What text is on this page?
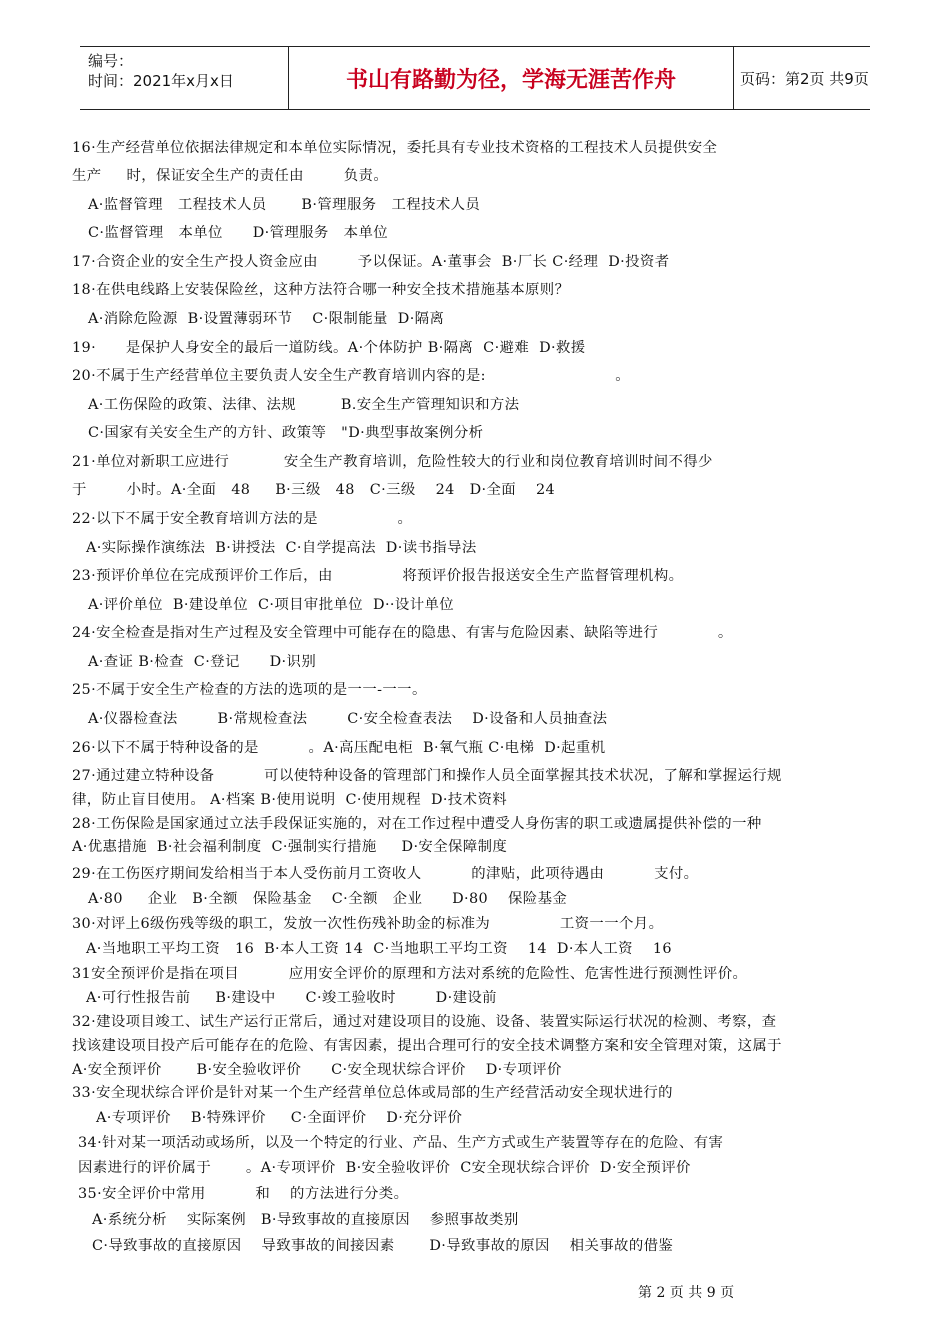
编号：
时间：2021年x月x日	书山有路勤为径，学海无涯苦作舟	页码：第2页 共9页
16·生产经营单位依据法律规定和本单位实际情况，委托具有专业技术资格的工程技术人员提供安全
生产     时，保证安全生产的责任由        负责。
A·监督管理   工程技术人员       B·管理服务   工程技术人员
C·监督管理   本单位      D·管理服务   本单位
17·合资企业的安全生产投人资金应由        予以保证。A·董事会  B·厂长 C·经理  D·投资者
18·在供电线路上安装保险丝，这种方法符合哪一种安全技术措施基本原则？
A·消除危险源  B·设置薄弱环节    C·限制能量  D·隔离
19·      是保护人身安全的最后一道防线。A·个体防护 B·隔离  C·避难  D·救援
20·不属于生产经营单位主要负责人安全生产教育培训内容的是:                          。
A·工伤保险的政策、法律、法规         B.安全生产管理知识和方法
C·国家有关安全生产的方针、政策等   "D·典型事故案例分析
21·单位对新职工应进行           安全生产教育培训，危险性较大的行业和岗位教育培训时间不得少
于        小时。A·全面   48     B·三级   48   C·三级    24   D·全面    24
22·以下不属于安全教育培训方法的是                。
A·实际操作演练法  B·讲授法  C·自学提高法  D·读书指导法
23·预评价单位在完成预评价工作后，由              将预评价报告报送安全生产监督管理机构。
A·评价单位  B·建设单位  C·项目审批单位  D··设计单位
24·安全检查是指对生产过程及安全管理中可能存在的隐患、有害与危险因素、缺陷等进行            。
A·查证 B·检查  C·登记      D·识别
25·不属于安全生产检查的方法的选项的是一一-一一。
A·仪器检查法        B·常规检查法        C·安全检查表法    D·设备和人员抽查法
26·以下不属于特种设备的是          。A·高压配电柜  B·氧气瓶 C·电梯  D·起重机
27·通过建立特种设备          可以使特种设备的管理部门和操作人员全面掌握其技术状况，了解和掌握运行规
律，防止盲目使用。 A·档案 B·使用说明  C·使用规程  D·技术资料
28·工伤保险是国家通过立法手段保证实施的，对在工作过程中遭受人身伤害的职工或遗属提供补偿的一种
A·优惠措施  B·社会福利制度  C·强制实行措施     D·安全保障制度
29·在工伤医疗期间发给相当于本人受伤前月工资收人          的津贴，此项待遇由          支付。
A·80     企业   B·全额   保险基金    C·全额   企业      D·80    保险基金
30·对评上6级伤残等级的职工，发放一次性伤残补助金的标准为              工资一一个月。
A·当地职工平均工资   16  B·本人工资 14  C·当地职工平均工资    14  D·本人工资    16
31安全预评价是指在项目          应用安全评价的原理和方法对系统的危险性、危害性进行预测性评价。
A·可行性报告前     B·建设中      C·竣工验收时        D·建设前
32·建设项目竣工、试生产运行正常后，通过对建设项目的设施、设备、装置实际运行状况的检测、考察，查
找该建设项目投产后可能存在的危险、有害因素，提出合理可行的安全技术调整方案和安全管理对策，这属于
A·安全预评价       B·安全验收评价      C·安全现状综合评价    D·专项评价
33·安全现状综合评价是针对某一个生产经营单位总体或局部的生产经营活动安全现状进行的
A·专项评价    B·特殊评价     C·全面评价    D·充分评价
34·针对某一项活动或场所，以及一个特定的行业、产品、生产方式或生产装置等存在的危险、有害
因素进行的评价属于       。A·专项评价  B·安全验收评价  C安全现状综合评价  D·安全预评价
35·安全评价中常用          和    的方法进行分类。
A·系统分析    实际案例   B·导致事故的直接原因    参照事故类别
C·导致事故的直接原因    导致事故的间接因素       D·导致事故的原因    相关事故的借鉴
第 2 页 共 9 页
